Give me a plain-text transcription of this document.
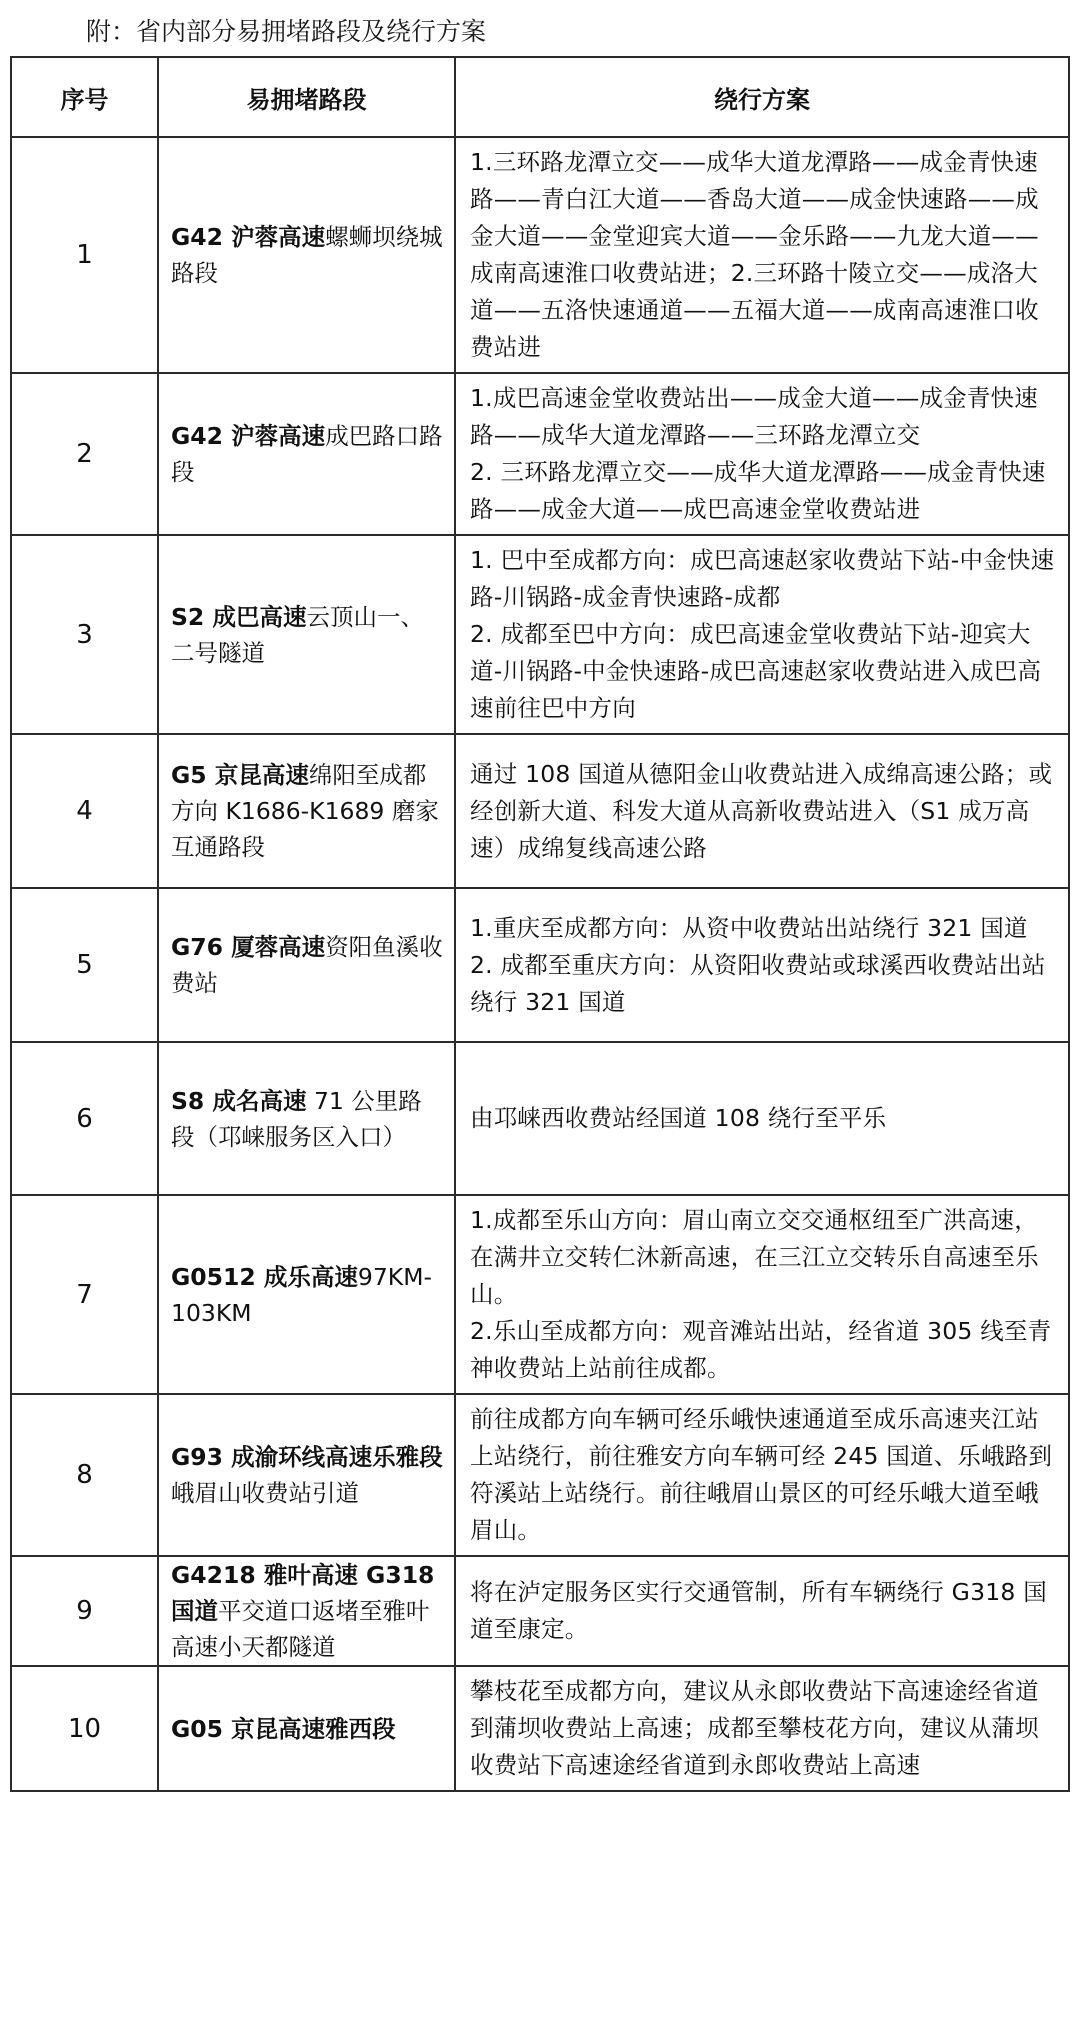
附：省内部分易拥堵路段及绕行方案
序号	易拥堵路段	绕行方案
1	G42 沪蓉高速螺蛳坝绕城路段	1.三环路龙潭立交——成华大道龙潭路——成金青快速路——青白江大道——香岛大道——成金快速路——成金大道——金堂迎宾大道——金乐路——九龙大道——成南高速淮口收费站进；2.三环路十陵立交——成洛大道——五洛快速通道——五福大道——成南高速淮口收费站进

2	G42 沪蓉高速成巴路口路段	1.成巴高速金堂收费站出——成金大道——成金青快速路——成华大道龙潭路——三环路龙潭立交
2. 三环路龙潭立交——成华大道龙潭路——成金青快速路——成金大道——成巴高速金堂收费站进

3	S2 成巴高速云顶山一、二号隧道	1. 巴中至成都方向：成巴高速赵家收费站下站-中金快速路-川锅路-成金青快速路-成都
2. 成都至巴中方向：成巴高速金堂收费站下站-迎宾大道-川锅路-中金快速路-成巴高速赵家收费站进入成巴高速前往巴中方向

4	G5 京昆高速绵阳至成都方向 K1686-K1689 磨家互通路段	通过 108 国道从德阳金山收费站进入成绵高速公路；或经创新大道、科发大道从高新收费站进入（S1 成万高速）成绵复线高速公路

5	G76 厦蓉高速资阳鱼溪收费站	1.重庆至成都方向：从资中收费站出站绕行 321 国道
2. 成都至重庆方向：从资阳收费站或球溪西收费站出站绕行 321 国道

6	S8 成名高速 71 公里路段（邛崃服务区入口）	由邛崃西收费站经国道 108 绕行至平乐

7	G0512 成乐高速97KM-103KM	1.成都至乐山方向：眉山南立交交通枢纽至广洪高速，在满井立交转仁沐新高速，在三江立交转乐自高速至乐山。
2.乐山至成都方向：观音滩站出站，经省道 305 线至青神收费站上站前往成都。

8	G93 成渝环线高速乐雅段峨眉山收费站引道	前往成都方向车辆可经乐峨快速通道至成乐高速夹江站上站绕行，前往雅安方向车辆可经 245 国道、乐峨路到符溪站上站绕行。前往峨眉山景区的可经乐峨大道至峨眉山。

9	G4218 雅叶高速 G318 国道平交道口返堵至雅叶高速小天都隧道	将在泸定服务区实行交通管制，所有车辆绕行 G318 国道至康定。

10	G05 京昆高速雅西段	攀枝花至成都方向，建议从永郎收费站下高速途经省道到蒲坝收费站上高速；成都至攀枝花方向，建议从蒲坝收费站下高速途经省道到永郎收费站上高速
